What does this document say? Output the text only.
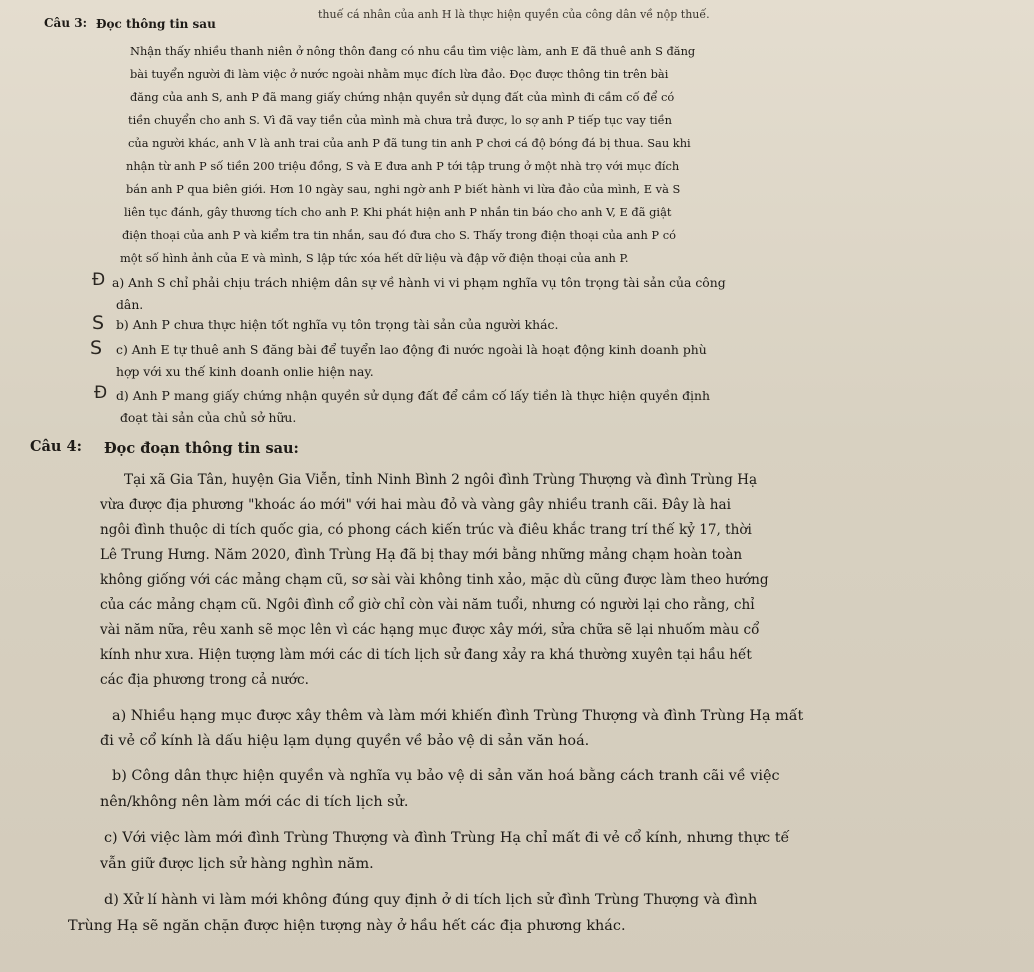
thuế cá nhân của anh H là thực hiện quyền của công dân về nộp thuế.
Câu 3: Đọc thông tin sau
Nhận thấy nhiều thanh niên ở nông thôn đang có nhu cầu tìm việc làm, anh E đã thuê anh S đăng
bài tuyển người đi làm việc ở nước ngoài nhằm mục đích lừa đảo. Đọc được thông tin trên bài
đăng của anh S, anh P đã mang giấy chứng nhận quyền sử dụng đất của mình đi cầm cố để có
tiền chuyển cho anh S. Vì đã vay tiền của mình mà chưa trả được, lo sợ anh P tiếp tục vay tiền
của người khác, anh V là anh trai của anh P đã tung tin anh P chơi cá độ bóng đá bị thua. Sau khi
nhận từ anh P số tiền 200 triệu đồng, S và E đưa anh P tới tập trung ở một nhà trọ với mục đích
bán anh P qua biên giới. Hơn 10 ngày sau, nghi ngờ anh P biết hành vi lừa đảo của mình, E và S
liên tục đánh, gây thương tích cho anh P. Khi phát hiện anh P nhắn tin báo cho anh V, E đã giật
điện thoại của anh P và kiểm tra tin nhắn, sau đó đưa cho S. Thấy trong điện thoại của anh P có
một số hình ảnh của E và mình, S lập tức xóa hết dữ liệu và đập vỡ điện thoại của anh P.
Đ a) Anh S chỉ phải chịu trách nhiệm dân sự về hành vi vi phạm nghĩa vụ tôn trọng tài sản của công
dân.
S b) Anh P chưa thực hiện tốt nghĩa vụ tôn trọng tài sản của người khác.
S c) Anh E tự thuê anh S đăng bài để tuyển lao động đi nước ngoài là hoạt động kinh doanh phù
hợp với xu thế kinh doanh onlie hiện nay.
Đ d) Anh P mang giấy chứng nhận quyền sử dụng đất để cầm cố lấy tiền là thực hiện quyền định
đoạt tài sản của chủ sở hữu.
Câu 4: Đọc đoạn thông tin sau:
Tại xã Gia Tân, huyện Gia Viễn, tỉnh Ninh Bình 2 ngôi đình Trùng Thượng và đình Trùng Hạ
vừa được địa phương "khoác áo mới" với hai màu đỏ và vàng gây nhiều tranh cãi. Đây là hai
ngôi đình thuộc di tích quốc gia, có phong cách kiến trúc và điêu khắc trang trí thế kỷ 17, thời
Lê Trung Hưng. Năm 2020, đình Trùng Hạ đã bị thay mới bằng những mảng chạm hoàn toàn
không giống với các mảng chạm cũ, sơ sài vài không tinh xảo, mặc dù cũng được làm theo hướng
của các mảng chạm cũ. Ngôi đình cổ giờ chỉ còn vài năm tuổi, nhưng có người lại cho rằng, chỉ
vài năm nữa, rêu xanh sẽ mọc lên vì các hạng mục được xây mới, sửa chữa sẽ lại nhuốm màu cổ
kính như xưa. Hiện tượng làm mới các di tích lịch sử đang xảy ra khá thường xuyên tại hầu hết
các địa phương trong cả nước.
a) Nhiều hạng mục được xây thêm và làm mới khiến đình Trùng Thượng và đình Trùng Hạ mất
đi vẻ cổ kính là dấu hiệu lạm dụng quyền về bảo vệ di sản văn hoá.
b) Công dân thực hiện quyền và nghĩa vụ bảo vệ di sản văn hoá bằng cách tranh cãi về việc
nên/không nên làm mới các di tích lịch sử.
c) Với việc làm mới đình Trùng Thượng và đình Trùng Hạ chỉ mất đi vẻ cổ kính, nhưng thực tế
vẫn giữ được lịch sử hàng nghìn năm.
d) Xử lí hành vi làm mới không đúng quy định ở di tích lịch sử đình Trùng Thượng và đình
Trùng Hạ sẽ ngăn chặn được hiện tượng này ở hầu hết các địa phương khác.
